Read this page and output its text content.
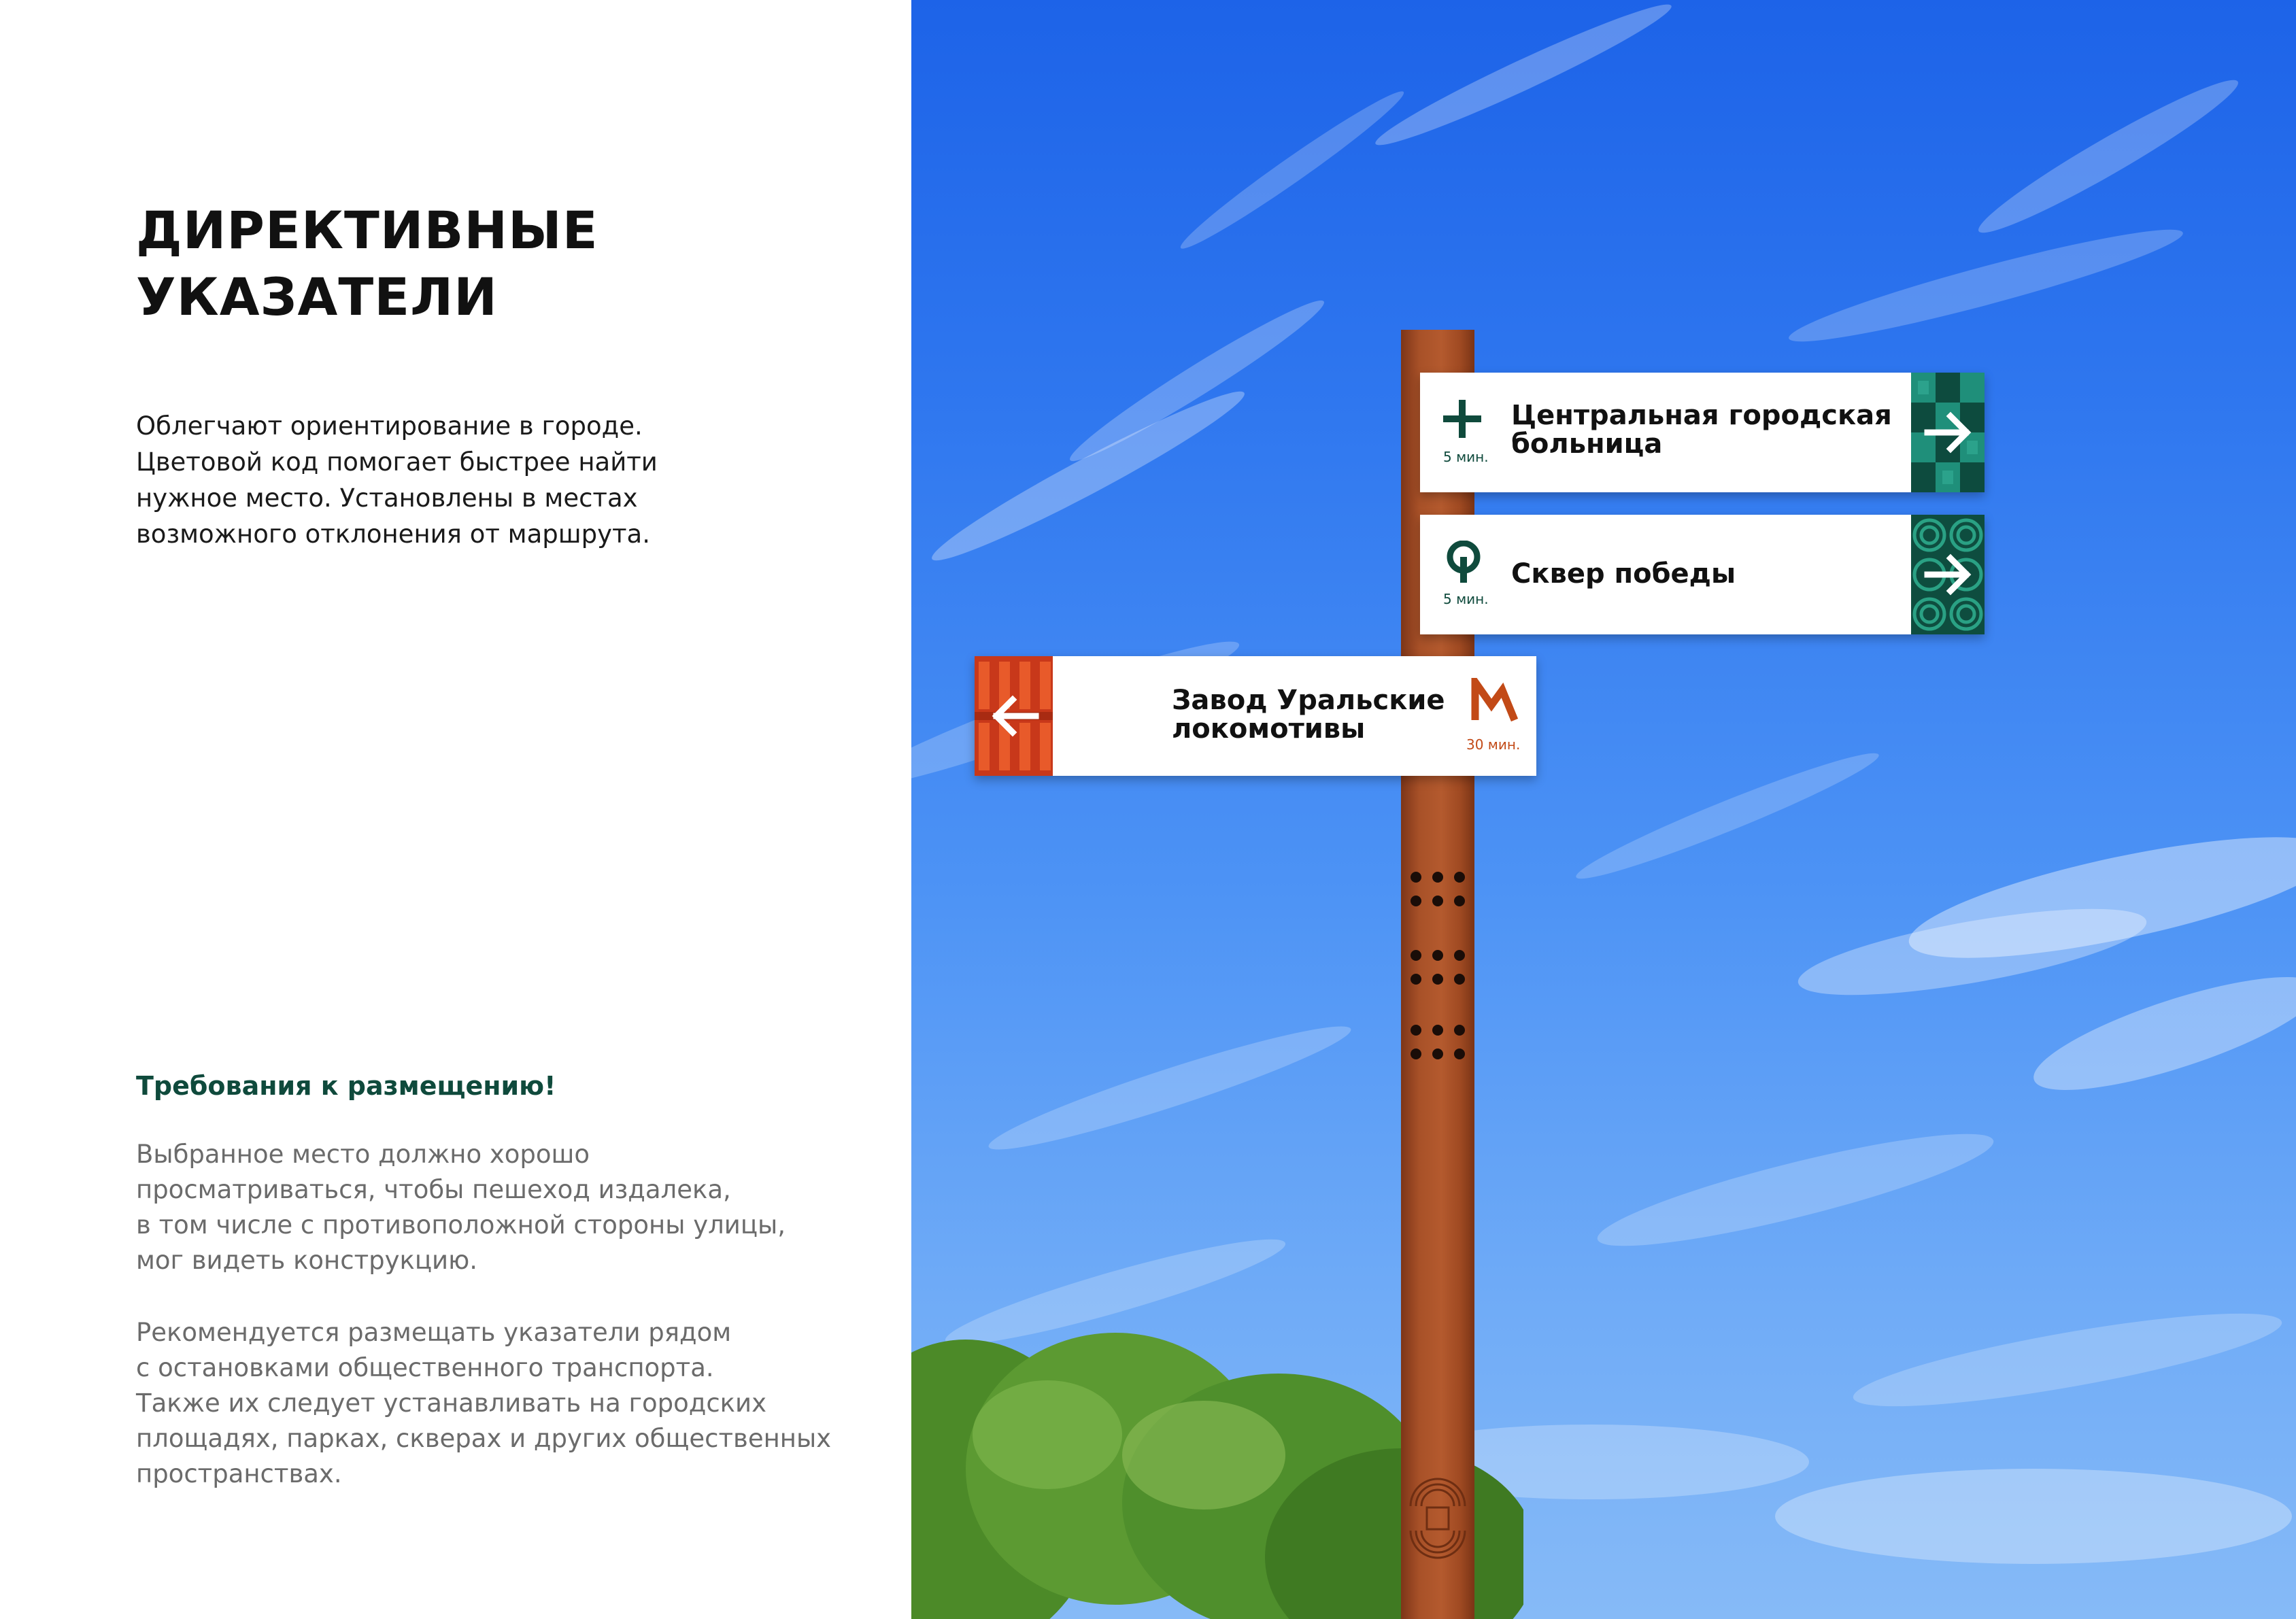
ДИРЕКТИВНЫЕ
УКАЗАТЕЛИ

Облегчают ориентирование в городе.
Цветовой код помогает быстрее найти
нужное место. Установлены в местах
возможного отклонения от маршрута.

Требования к размещению!

Выбранное место должно хорошо
просматриваться, чтобы пешеход издалека,
в том числе с противоположной стороны улицы,
мог видеть конструкцию.

Рекомендуется размещать указатели рядом
с остановками общественного транспорта.
Также их следует устанавливать на городских
площадях, парках, скверах и других общественных
пространствах.

5 мин.

Центральная городская
больница

5 мин.

Сквер победы

Завод Уральские
локомотивы	30 мин.
